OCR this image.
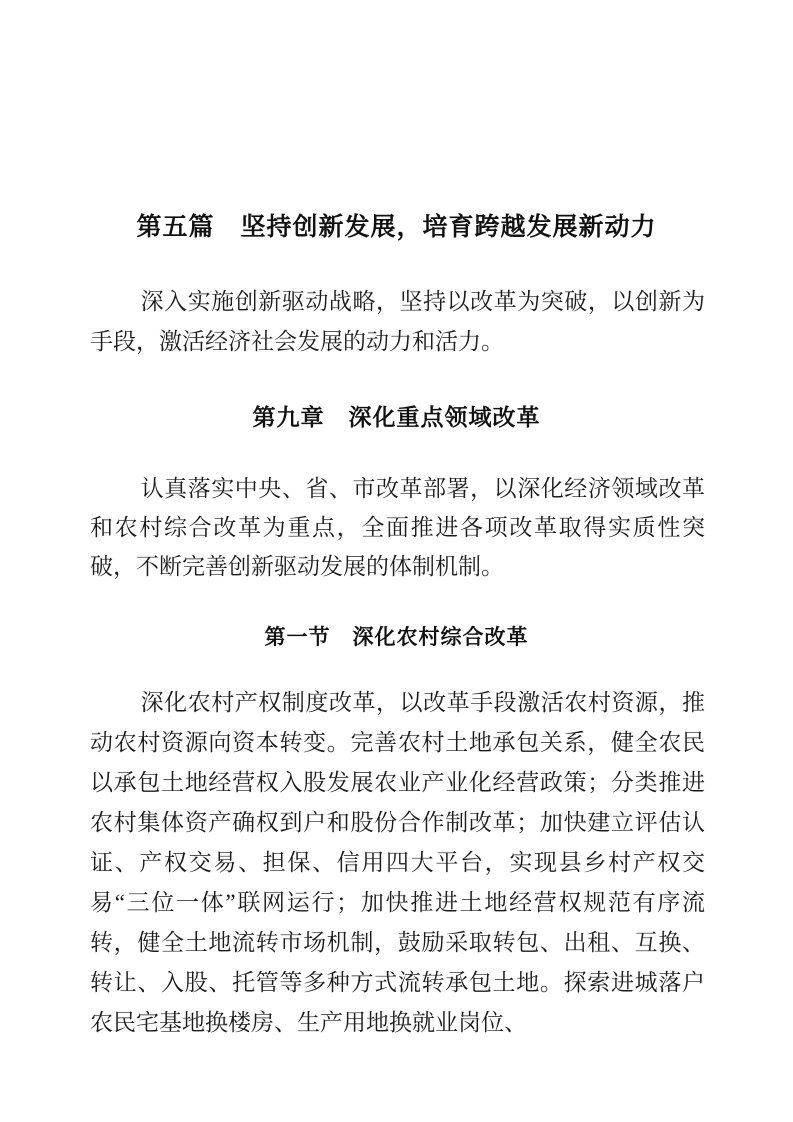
第五篇　坚持创新发展，培育跨越发展新动力

深入实施创新驱动战略，坚持以改革为突破，以创新为手段，激活经济社会发展的动力和活力。

第九章　深化重点领域改革

认真落实中央、省、市改革部署，以深化经济领域改革和农村综合改革为重点，全面推进各项改革取得实质性突破，不断完善创新驱动发展的体制机制。

第一节　深化农村综合改革

深化农村产权制度改革，以改革手段激活农村资源，推动农村资源向资本转变。完善农村土地承包关系，健全农民以承包土地经营权入股发展农业产业化经营政策；分类推进农村集体资产确权到户和股份合作制改革；加快建立评估认证、产权交易、担保、信用四大平台，实现县乡村产权交易“三位一体”联网运行；加快推进土地经营权规范有序流转，健全土地流转市场机制，鼓励采取转包、出租、互换、转让、入股、托管等多种方式流转承包土地。探索进城落户农民宅基地换楼房、生产用地换就业岗位、
